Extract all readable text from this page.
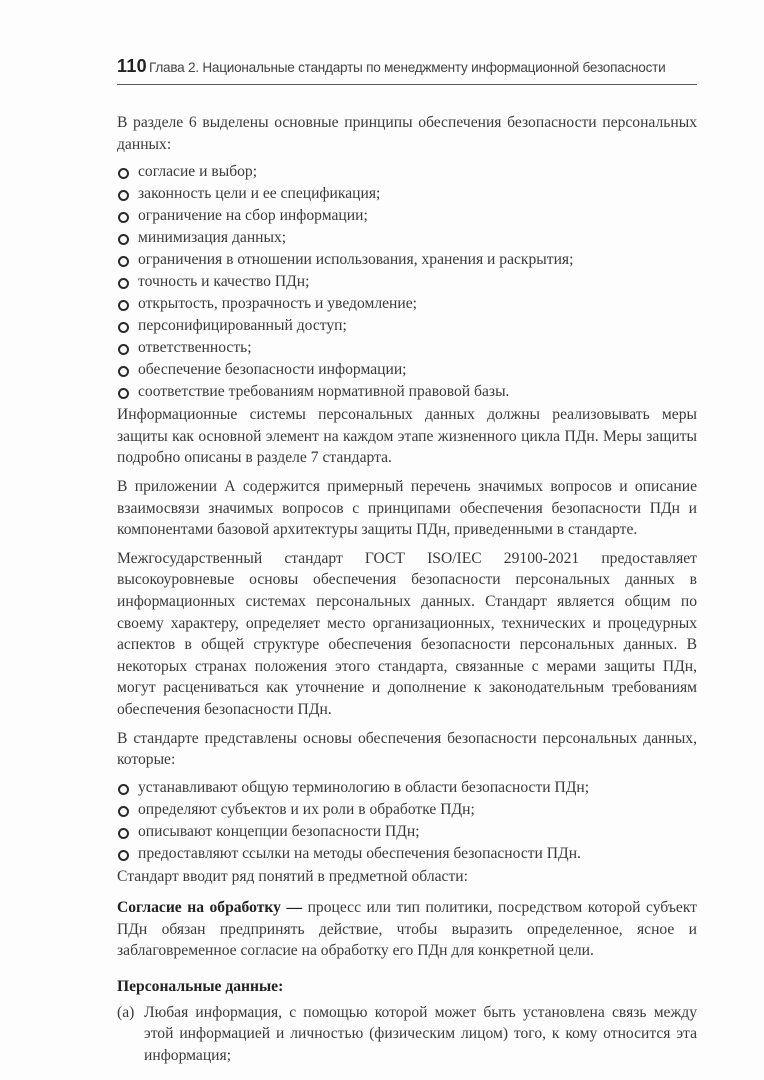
110 Глава 2. Национальные стандарты по менеджменту информационной безопасности

В разделе 6 выделены основные принципы обеспечения безопасности персональных данных:

согласие и выбор;
законность цели и ее спецификация;
ограничение на сбор информации;
минимизация данных;
ограничения в отношении использования, хранения и раскрытия;
точность и качество ПДн;
открытость, прозрачность и уведомление;
персонифицированный доступ;
ответственность;
обеспечение безопасности информации;
соответствие требованиям нормативной правовой базы.

Информационные системы персональных данных должны реализовывать меры защиты как основной элемент на каждом этапе жизненного цикла ПДн. Меры защиты подробно описаны в разделе 7 стандарта.

В приложении А содержится примерный перечень значимых вопросов и описание взаимосвязи значимых вопросов с принципами обеспечения безопасности ПДн и компонентами базовой архитектуры защиты ПДн, приведенными в стандарте.

Межгосударственный стандарт ГОСТ ISO/IEC 29100-2021 предоставляет высокоуровневые основы обеспечения безопасности персональных данных в информационных системах персональных данных. Стандарт является общим по своему характеру, определяет место организационных, технических и процедурных аспектов в общей структуре обеспечения безопасности персональных данных. В некоторых странах положения этого стандарта, связанные с мерами защиты ПДн, могут расцениваться как уточнение и дополнение к законодательным требованиям обеспечения безопасности ПДн.

В стандарте представлены основы обеспечения безопасности персональных данных, которые:

устанавливают общую терминологию в области безопасности ПДн;
определяют субъектов и их роли в обработке ПДн;
описывают концепции безопасности ПДн;
предоставляют ссылки на методы обеспечения безопасности ПДн.

Стандарт вводит ряд понятий в предметной области:

Согласие на обработку — процесс или тип политики, посредством которой субъект ПДн обязан предпринять действие, чтобы выразить определенное, ясное и заблаговременное согласие на обработку его ПДн для конкретной цели.

Персональные данные:
(а) Любая информация, с помощью которой может быть установлена связь между этой информацией и личностью (физическим лицом) того, к кому относится эта информация;
